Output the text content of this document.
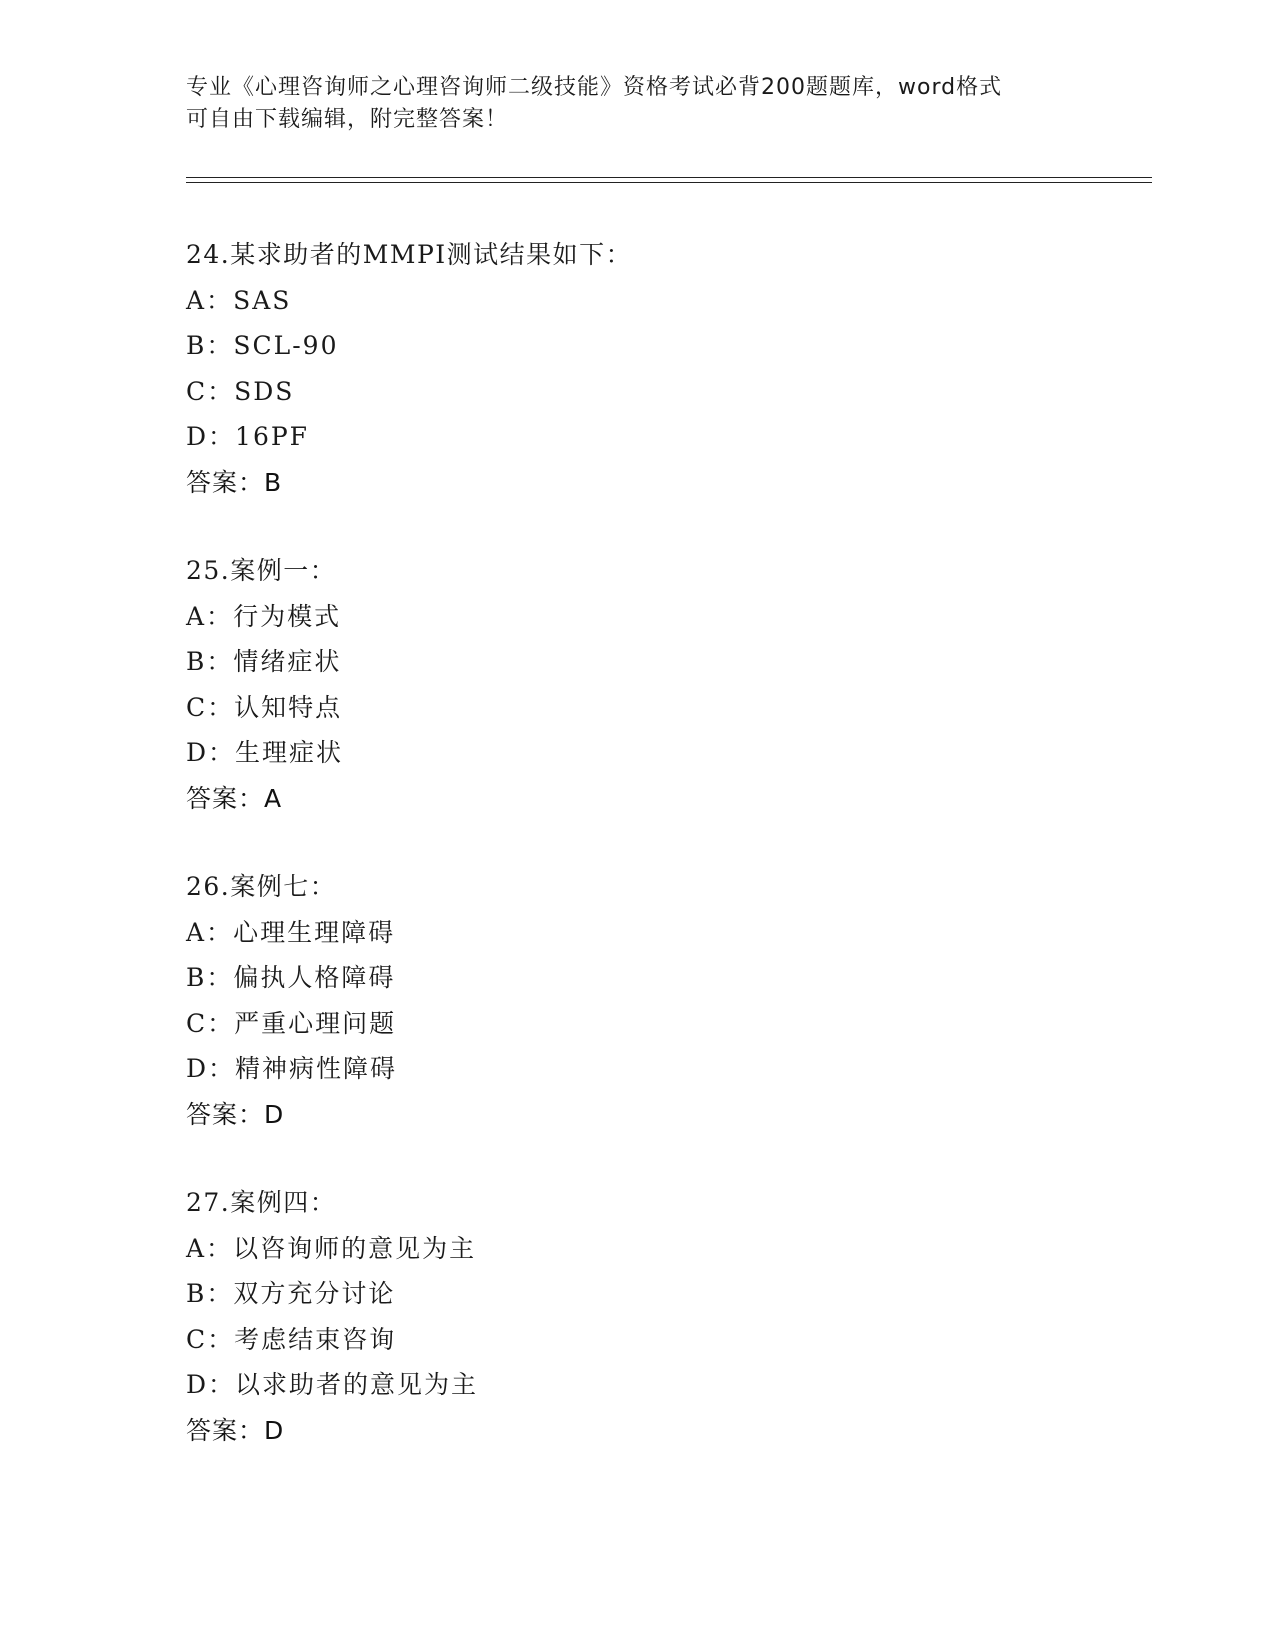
专业《心理咨询师之心理咨询师二级技能》资格考试必背200题题库，word格式
可自由下载编辑，附完整答案！
24.某求助者的MMPI测试结果如下：
A：SAS
B：SCL-90
C：SDS
D：16PF
答案：B
25.案例一：
A：行为模式
B：情绪症状
C：认知特点
D：生理症状
答案：A
26.案例七：
A：心理生理障碍
B：偏执人格障碍
C：严重心理问题
D：精神病性障碍
答案：D
27.案例四：
A：以咨询师的意见为主
B：双方充分讨论
C：考虑结束咨询
D：以求助者的意见为主
答案：D
